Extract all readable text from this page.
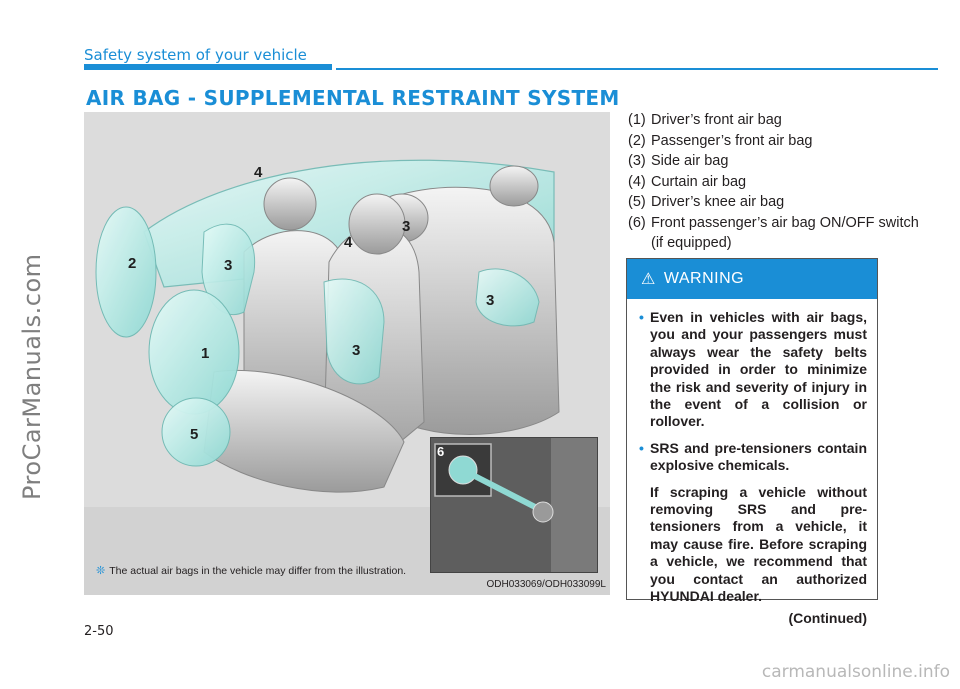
ProCarManuals.com
Safety system of your vehicle
AIR BAG - SUPPLEMENTAL RESTRAINT SYSTEM
4
2	3
4
3
3
1	3
5
6
❊ The actual air bags in the vehicle may differ from the illustration.
ODH033069/ODH033099L
(1) Driver’s front air bag
(2) Passenger’s front air bag
(3) Side air bag
(4) Curtain air bag
(5) Driver’s knee air bag
(6) Front passenger’s air bag ON/OFF switch (if equipped)
⚠ WARNING
• Even in vehicles with air bags, you and your passengers must always wear the safety belts provided in order to minimize the risk and severity of injury in the event of a collision or rollover.
• SRS and pre-tensioners contain explosive chemicals.
If scraping a vehicle without removing SRS and pre-tensioners from a vehicle, it may cause fire. Before scraping a vehicle, we recommend that you contact an authorized HYUNDAI dealer.
(Continued)
2-50
carmanualsonline.info
